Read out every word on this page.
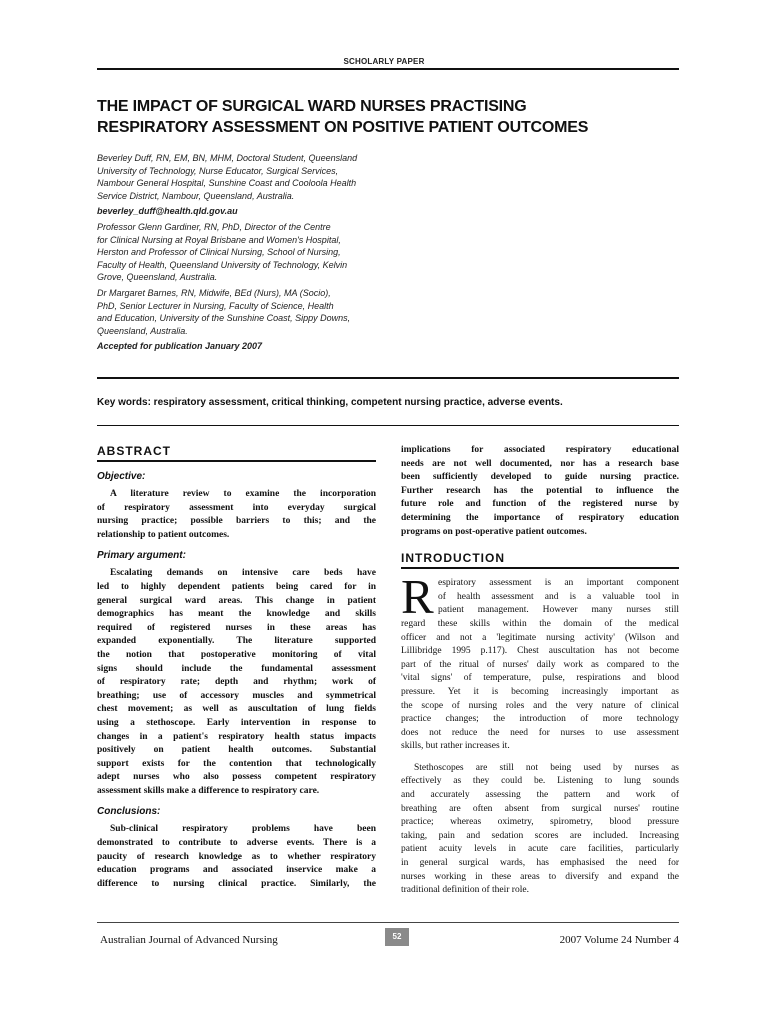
SCHOLARLY PAPER
THE IMPACT OF SURGICAL WARD NURSES PRACTISING
RESPIRATORY ASSESSMENT ON POSITIVE PATIENT OUTCOMES
Beverley Duff, RN, EM, BN, MHM, Doctoral Student, Queensland
University of Technology, Nurse Educator, Surgical Services,
Nambour General Hospital, Sunshine Coast and Cooloola Health
Service District, Nambour, Queensland, Australia.
beverley_duff@health.qld.gov.au
Professor Glenn Gardiner, RN, PhD, Director of the Centre
for Clinical Nursing at Royal Brisbane and Women's Hospital,
Herston and Professor of Clinical Nursing, School of Nursing,
Faculty of Health, Queensland University of Technology, Kelvin
Grove, Queensland, Australia.
Dr Margaret Barnes, RN, Midwife, BEd (Nurs), MA (Socio),
PhD, Senior Lecturer in Nursing, Faculty of Science, Health
and Education, University of the Sunshine Coast, Sippy Downs,
Queensland, Australia.
Accepted for publication January 2007
Key words: respiratory assessment, critical thinking, competent nursing practice, adverse events.
ABSTRACT
Objective:

A literature review to examine the incorporation
of respiratory assessment into everyday surgical
nursing practice; possible barriers to this; and the
relationship to patient outcomes.

Primary argument:

Escalating demands on intensive care beds have
led to highly dependent patients being cared for in
general surgical ward areas. This change in patient
demographics has meant the knowledge and skills
required of registered nurses in these areas has
expanded exponentially. The literature supported
the notion that postoperative monitoring of vital
signs should include the fundamental assessment
of respiratory rate; depth and rhythm; work of
breathing; use of accessory muscles and symmetrical
chest movement; as well as auscultation of lung fields
using a stethoscope. Early intervention in response to
changes in a patient's respiratory health status impacts
positively on patient health outcomes. Substantial
support exists for the contention that technologically
adept nurses who also possess competent respiratory
assessment skills make a difference to respiratory care.

Conclusions:

Sub-clinical respiratory problems have been
demonstrated to contribute to adverse events. There is a
paucity of research knowledge as to whether respiratory
education programs and associated inservice make a
difference to nursing clinical practice. Similarly, the

implications for associated respiratory educational
needs are not well documented, nor has a research base
been sufficiently developed to guide nursing practice.
Further research has the potential to influence the
future role and function of the registered nurse by
determining the importance of respiratory education
programs on post-operative patient outcomes.

INTRODUCTION

R espiratory assessment is an important component
of health assessment and is a valuable tool in
patient management. However many nurses still
regard these skills within the domain of the medical
officer and not a 'legitimate nursing activity' (Wilson and
Lillibridge 1995 p.117). Chest auscultation has not become
part of the ritual of nurses' daily work as compared to the
'vital signs' of temperature, pulse, respirations and blood
pressure. Yet it is becoming increasingly important as
the scope of nursing roles and the very nature of clinical
practice changes; the introduction of more technology
does not reduce the need for nurses to use assessment
skills, but rather increases it.

Stethoscopes are still not being used by nurses as
effectively as they could be. Listening to lung sounds
and accurately assessing the pattern and work of
breathing are often absent from surgical nurses' routine
practice; whereas oximetry, spirometry, blood pressure
taking, pain and sedation scores are included. Increasing
patient acuity levels in acute care facilities, particularly
in general surgical wards, has emphasised the need for
nurses working in these areas to diversify and expand the
traditional definition of their role.

Australian Journal of Advanced Nursing	52	2007 Volume 24 Number 4
